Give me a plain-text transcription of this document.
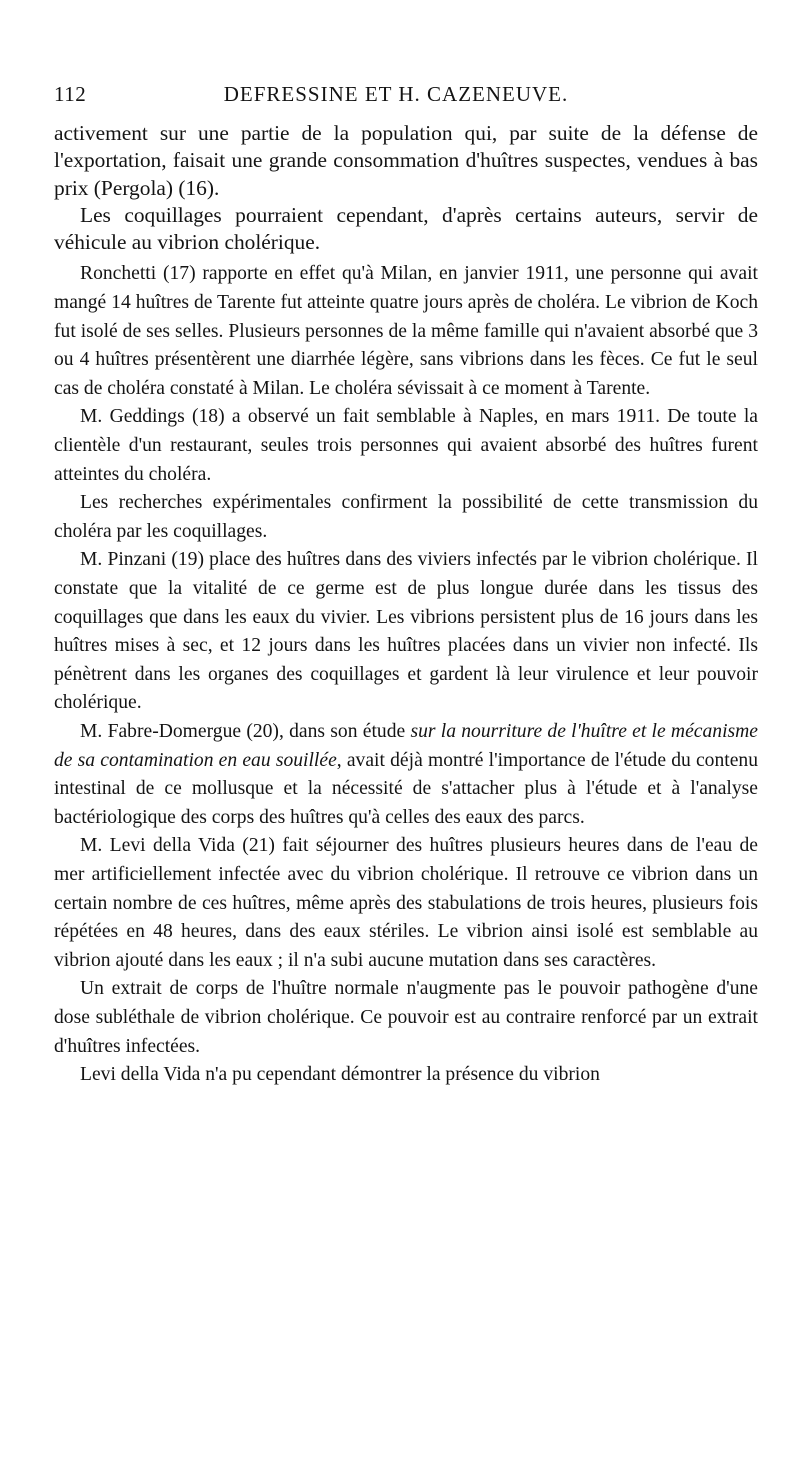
112	DEFRESSINE ET H. CAZENEUVE.

activement sur une partie de la population qui, par suite de la défense de l'exportation, faisait une grande consommation d'huîtres suspectes, vendues à bas prix (Pergola) (16).

Les coquillages pourraient cependant, d'après certains auteurs, servir de véhicule au vibrion cholérique.

Ronchetti (17) rapporte en effet qu'à Milan, en janvier 1911, une personne qui avait mangé 14 huîtres de Tarente fut atteinte quatre jours après de choléra. Le vibrion de Koch fut isolé de ses selles. Plusieurs personnes de la même famille qui n'avaient absorbé que 3 ou 4 huîtres présentèrent une diarrhée légère, sans vibrions dans les fèces. Ce fut le seul cas de choléra constaté à Milan. Le choléra sévissait à ce moment à Tarente.

M. Geddings (18) a observé un fait semblable à Naples, en mars 1911. De toute la clientèle d'un restaurant, seules trois personnes qui avaient absorbé des huîtres furent atteintes du choléra.

Les recherches expérimentales confirment la possibilité de cette transmission du choléra par les coquillages.

M. Pinzani (19) place des huîtres dans des viviers infectés par le vibrion cholérique. Il constate que la vitalité de ce germe est de plus longue durée dans les tissus des coquillages que dans les eaux du vivier. Les vibrions persistent plus de 16 jours dans les huîtres mises à sec, et 12 jours dans les huîtres placées dans un vivier non infecté. Ils pénètrent dans les organes des coquillages et gardent là leur virulence et leur pouvoir cholérique.

M. Fabre-Domergue (20), dans son étude sur la nourriture de l'huître et le mécanisme de sa contamination en eau souillée, avait déjà montré l'importance de l'étude du contenu intestinal de ce mollusque et la nécessité de s'attacher plus à l'étude et à l'analyse bactériologique des corps des huîtres qu'à celles des eaux des parcs.

M. Levi della Vida (21) fait séjourner des huîtres plusieurs heures dans de l'eau de mer artificiellement infectée avec du vibrion cholérique. Il retrouve ce vibrion dans un certain nombre de ces huîtres, même après des stabulations de trois heures, plusieurs fois répétées en 48 heures, dans des eaux stériles. Le vibrion ainsi isolé est semblable au vibrion ajouté dans les eaux ; il n'a subi aucune mutation dans ses caractères.

Un extrait de corps de l'huître normale n'augmente pas le pouvoir pathogène d'une dose subléthale de vibrion cholérique. Ce pouvoir est au contraire renforcé par un extrait d'huîtres infectées.

Levi della Vida n'a pu cependant démontrer la présence du vibrion
